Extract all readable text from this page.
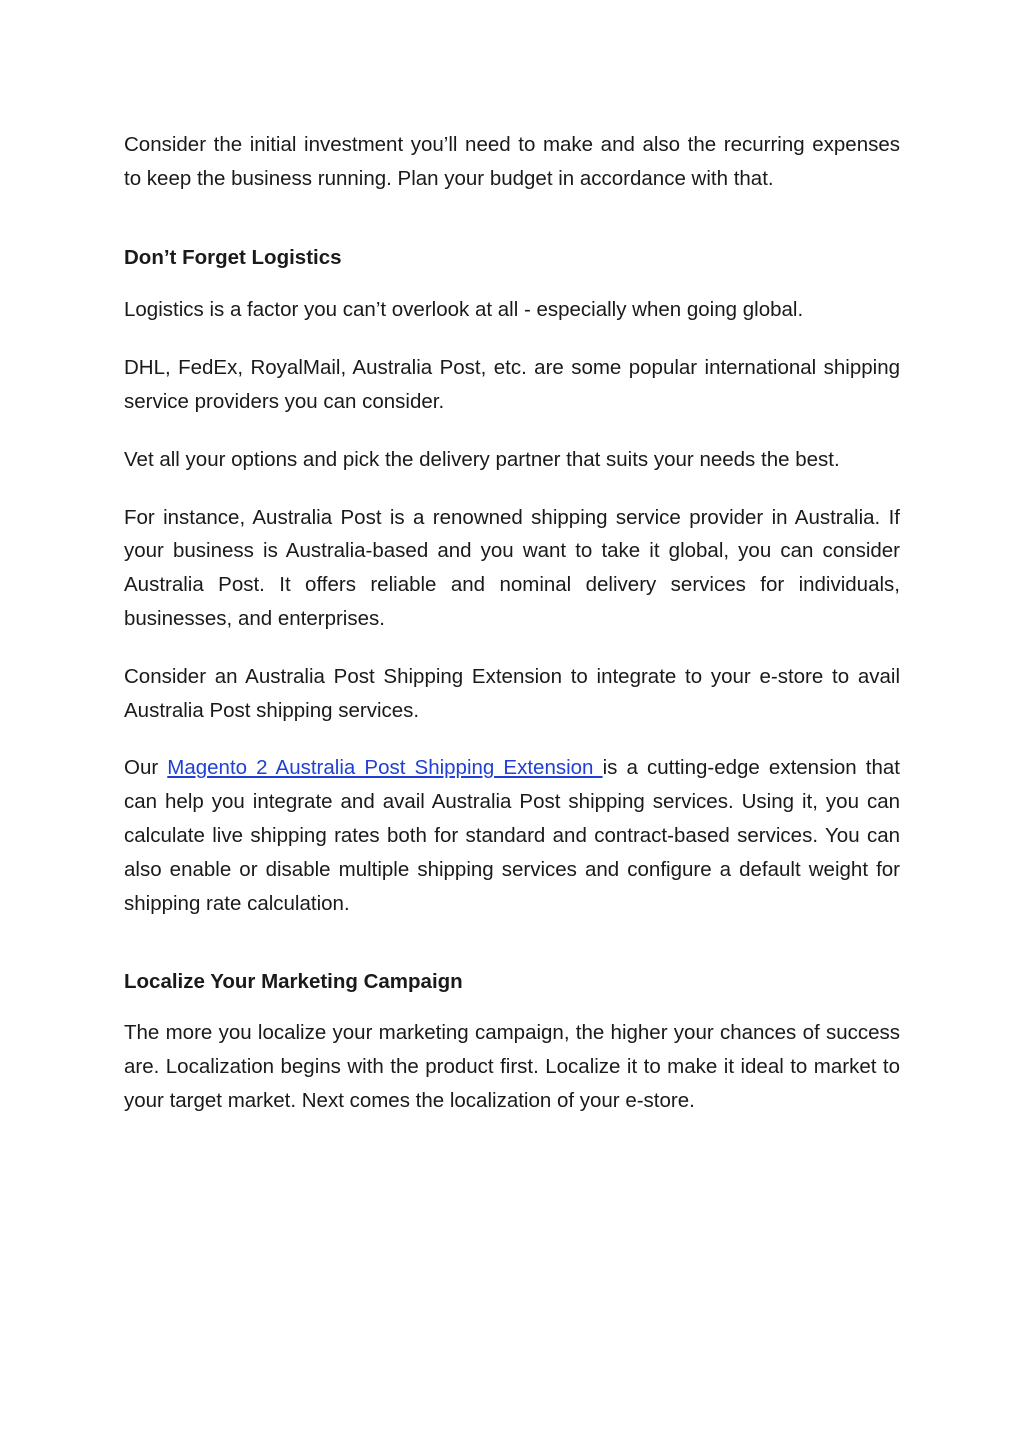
Consider the initial investment you’ll need to make and also the recurring expenses to keep the business running. Plan your budget in accordance with that.

Don’t Forget Logistics

Logistics is a factor you can’t overlook at all - especially when going global.

DHL, FedEx, RoyalMail, Australia Post, etc. are some popular international shipping service providers you can consider.

Vet all your options and pick the delivery partner that suits your needs the best.

For instance, Australia Post is a renowned shipping service provider in Australia. If your business is Australia-based and you want to take it global, you can consider Australia Post. It offers reliable and nominal delivery services for individuals, businesses, and enterprises.

Consider an Australia Post Shipping Extension to integrate to your e-store to avail Australia Post shipping services.

Our Magento 2 Australia Post Shipping Extension is a cutting-edge extension that can help you integrate and avail Australia Post shipping services. Using it, you can calculate live shipping rates both for standard and contract-based services. You can also enable or disable multiple shipping services and configure a default weight for shipping rate calculation.

Localize Your Marketing Campaign

The more you localize your marketing campaign, the higher your chances of success are. Localization begins with the product first. Localize it to make it ideal to market to your target market. Next comes the localization of your e-store.
